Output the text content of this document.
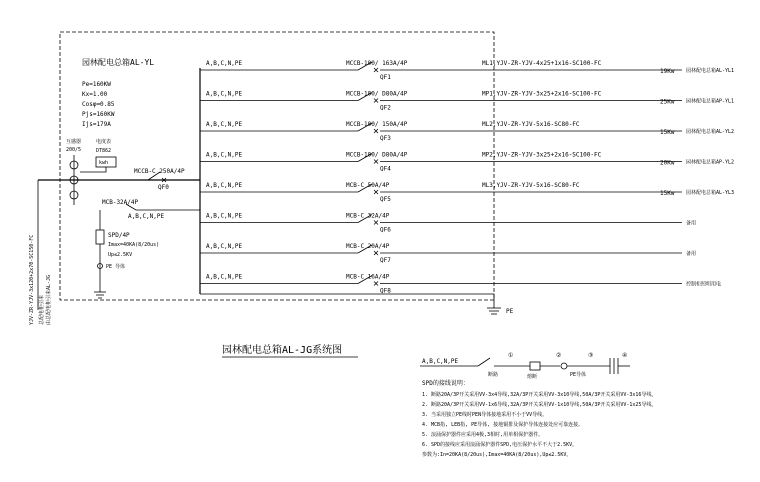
园林配电总箱AL-YL
Pe=160KW
Kx=1.00
Cosφ=0.85
Pjs=160KW
Ijs=179A
互感器
200/5
电度表
DT862
kwh
YJV-ZR-YJV-3x120+2x70-SC150-FC 总配电柜引来 由总配电柜引来AL-JG
MCCB-C 250A/4P
QF0
MCB-32A/4P
A,B,C,N,PE
SPD/4P
Imax=40KA(8/20us)
Up≤2.5KV
PE 导体
PE
A,B,C,N,PE	MCCB-100/ 163A/4P
QF1
ML1,YJV-ZR-YJV-4x25+1x16-SC100-FC
19Kw 园林配电总箱AL-YL1
A,B,C,N,PE	MCCB-100/ D80A/4P
QF2
MP1,YJV-ZR-YJV-3x25+2x16-SC100-FC
25Kw 园林配电总箱AP-YL1
A,B,C,N,PE	MCCB-100/ 150A/4P
QF3
ML2,YJV-ZR-YJV-5x16-SC80-FC
15Kw 园林配电总箱AL-YL2
A,B,C,N,PE	MCCB-100/ D80A/4P
QF4
MP2,YJV-ZR-YJV-3x25+2x16-SC100-FC
20Kw 园林配电总箱AP-YL2
A,B,C,N,PE	MCB-C 50A/4P
QF5
ML3,YJV-ZR-YJV-5x16-SC80-FC
15Kw 园林配电总箱AL-YL3
A,B,C,N,PE	MCB-C 32A/4P
QF6
备用
A,B,C,N,PE	MCB-C 20A/4P
QF7
备用
A,B,C,N,PE	MCB-C 16A/4P
QF8
控制柜照明用电
园林配电总箱AL-JG系统图
A,B,C,N,PE
①	②	③	④
断路	熔断	PE导体
SPD的接线说明：
1. 断路20A/3P开关采用VV-3x4导线,32A/3P开关采用VV-3x10导线,50A/3P开关采用VV-3x16导线。
2. 断路20A/3P开关采用VV-1x6导线,32A/3P开关采用VV-1x10导线,50A/3P开关采用VV-1x25导线。
3. 当采用独立PE线时PEN导体接地采用不小于VV导线。
4. MCB指, LEB指, PE导体, 接地铜排及保护导体连接处应可靠连接。
5. 浪涌保护器件应采用4极,3相时,用单相保护器件。
6. SPD的接线应采用浪涌保护器件SPD,电压保护水平不大于2.5KV。
参数为:In=20KA(8/20us),Imax=40KA(8/20us),Up≤2.5KV。
